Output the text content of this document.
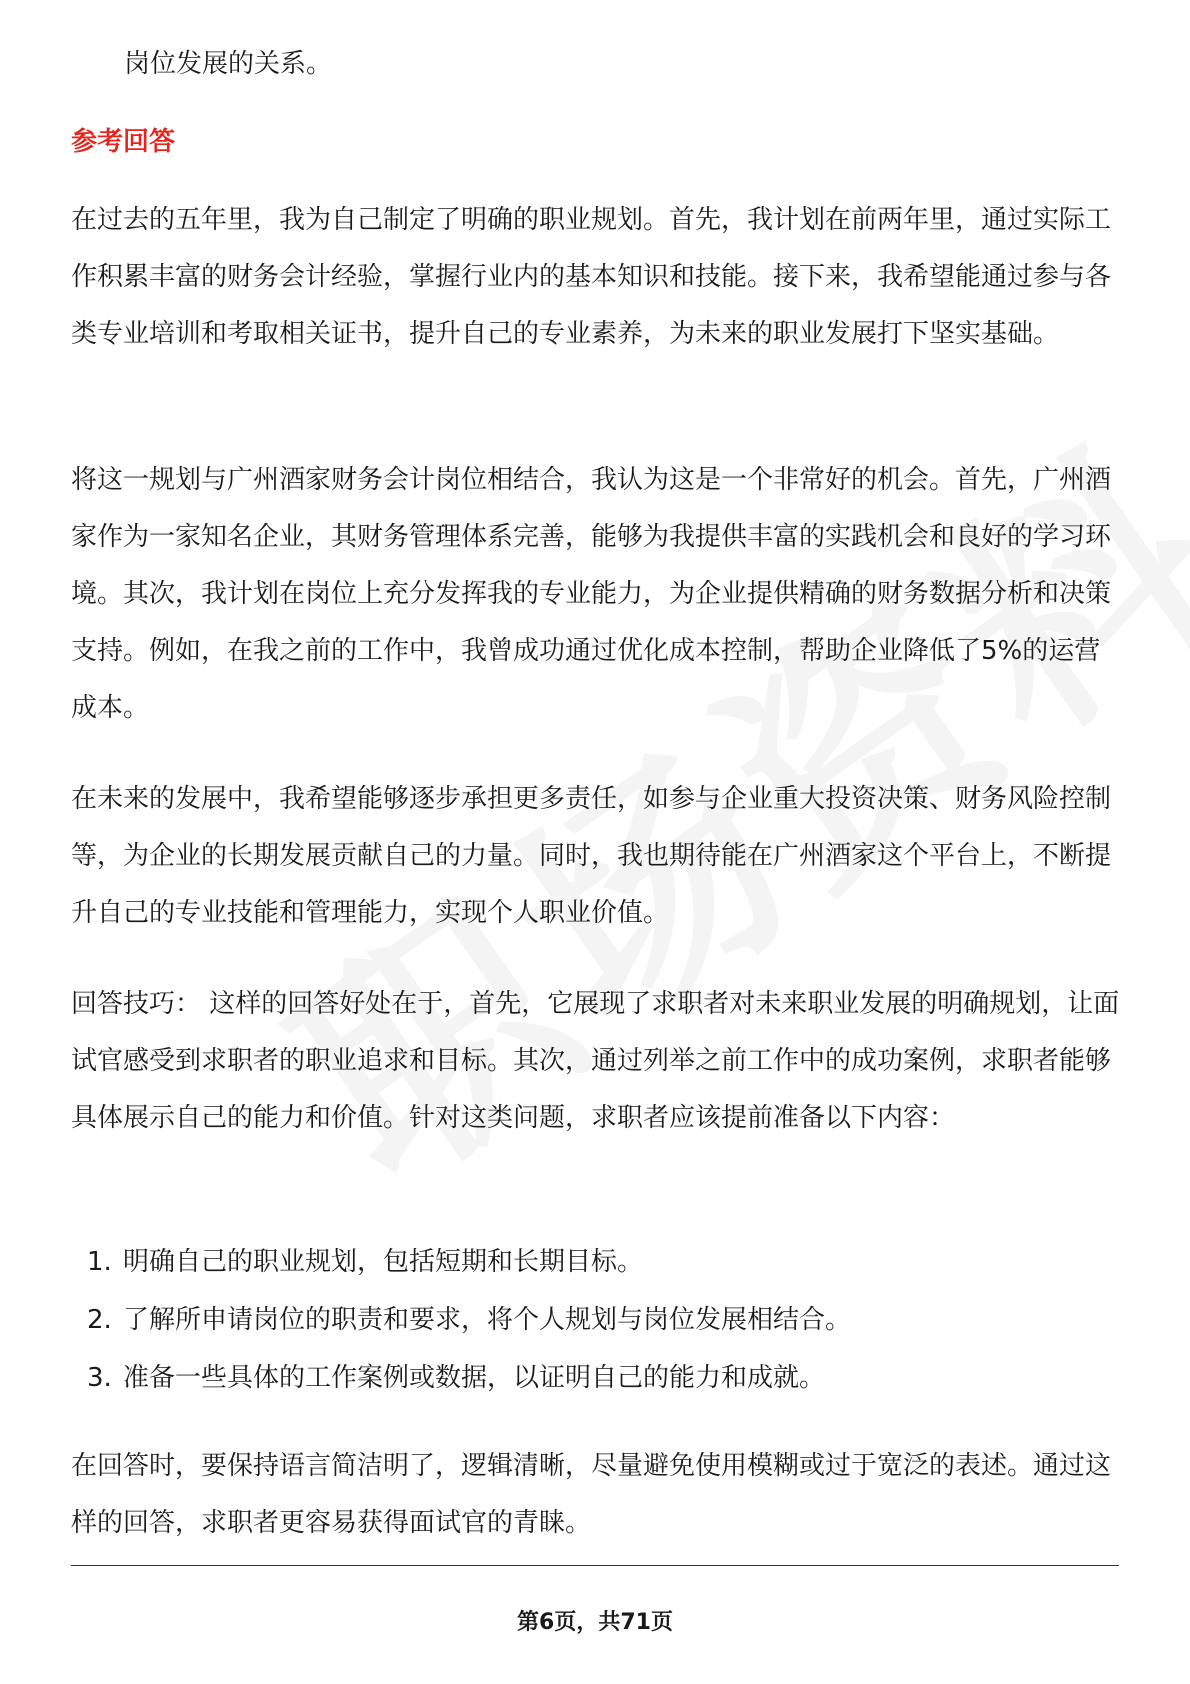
岗位发展的关系。
参考回答

在过去的五年里，我为自己制定了明确的职业规划。首先，我计划在前两年里，通过实际工作积累丰富的财务会计经验，掌握行业内的基本知识和技能。接下来，我希望能通过参与各类专业培训和考取相关证书，提升自己的专业素养，为未来的职业发展打下坚实基础。

将这一规划与广州酒家财务会计岗位相结合，我认为这是一个非常好的机会。首先，广州酒家作为一家知名企业，其财务管理体系完善，能够为我提供丰富的实践机会和良好的学习环境。其次，我计划在岗位上充分发挥我的专业能力，为企业提供精确的财务数据分析和决策支持。例如，在我之前的工作中，我曾成功通过优化成本控制，帮助企业降低了5%的运营成本。

在未来的发展中，我希望能够逐步承担更多责任，如参与企业重大投资决策、财务风险控制等，为企业的长期发展贡献自己的力量。同时，我也期待能在广州酒家这个平台上，不断提升自己的专业技能和管理能力，实现个人职业价值。

回答技巧： 这样的回答好处在于，首先，它展现了求职者对未来职业发展的明确规划，让面试官感受到求职者的职业追求和目标。其次，通过列举之前工作中的成功案例，求职者能够具体展示自己的能力和价值。针对这类问题，求职者应该提前准备以下内容：

1. 明确自己的职业规划，包括短期和长期目标。
2. 了解所申请岗位的职责和要求，将个人规划与岗位发展相结合。
3. 准备一些具体的工作案例或数据，以证明自己的能力和成就。

在回答时，要保持语言简洁明了，逻辑清晰，尽量避免使用模糊或过于宽泛的表述。通过这样的回答，求职者更容易获得面试官的青睐。

第6页，共71页
